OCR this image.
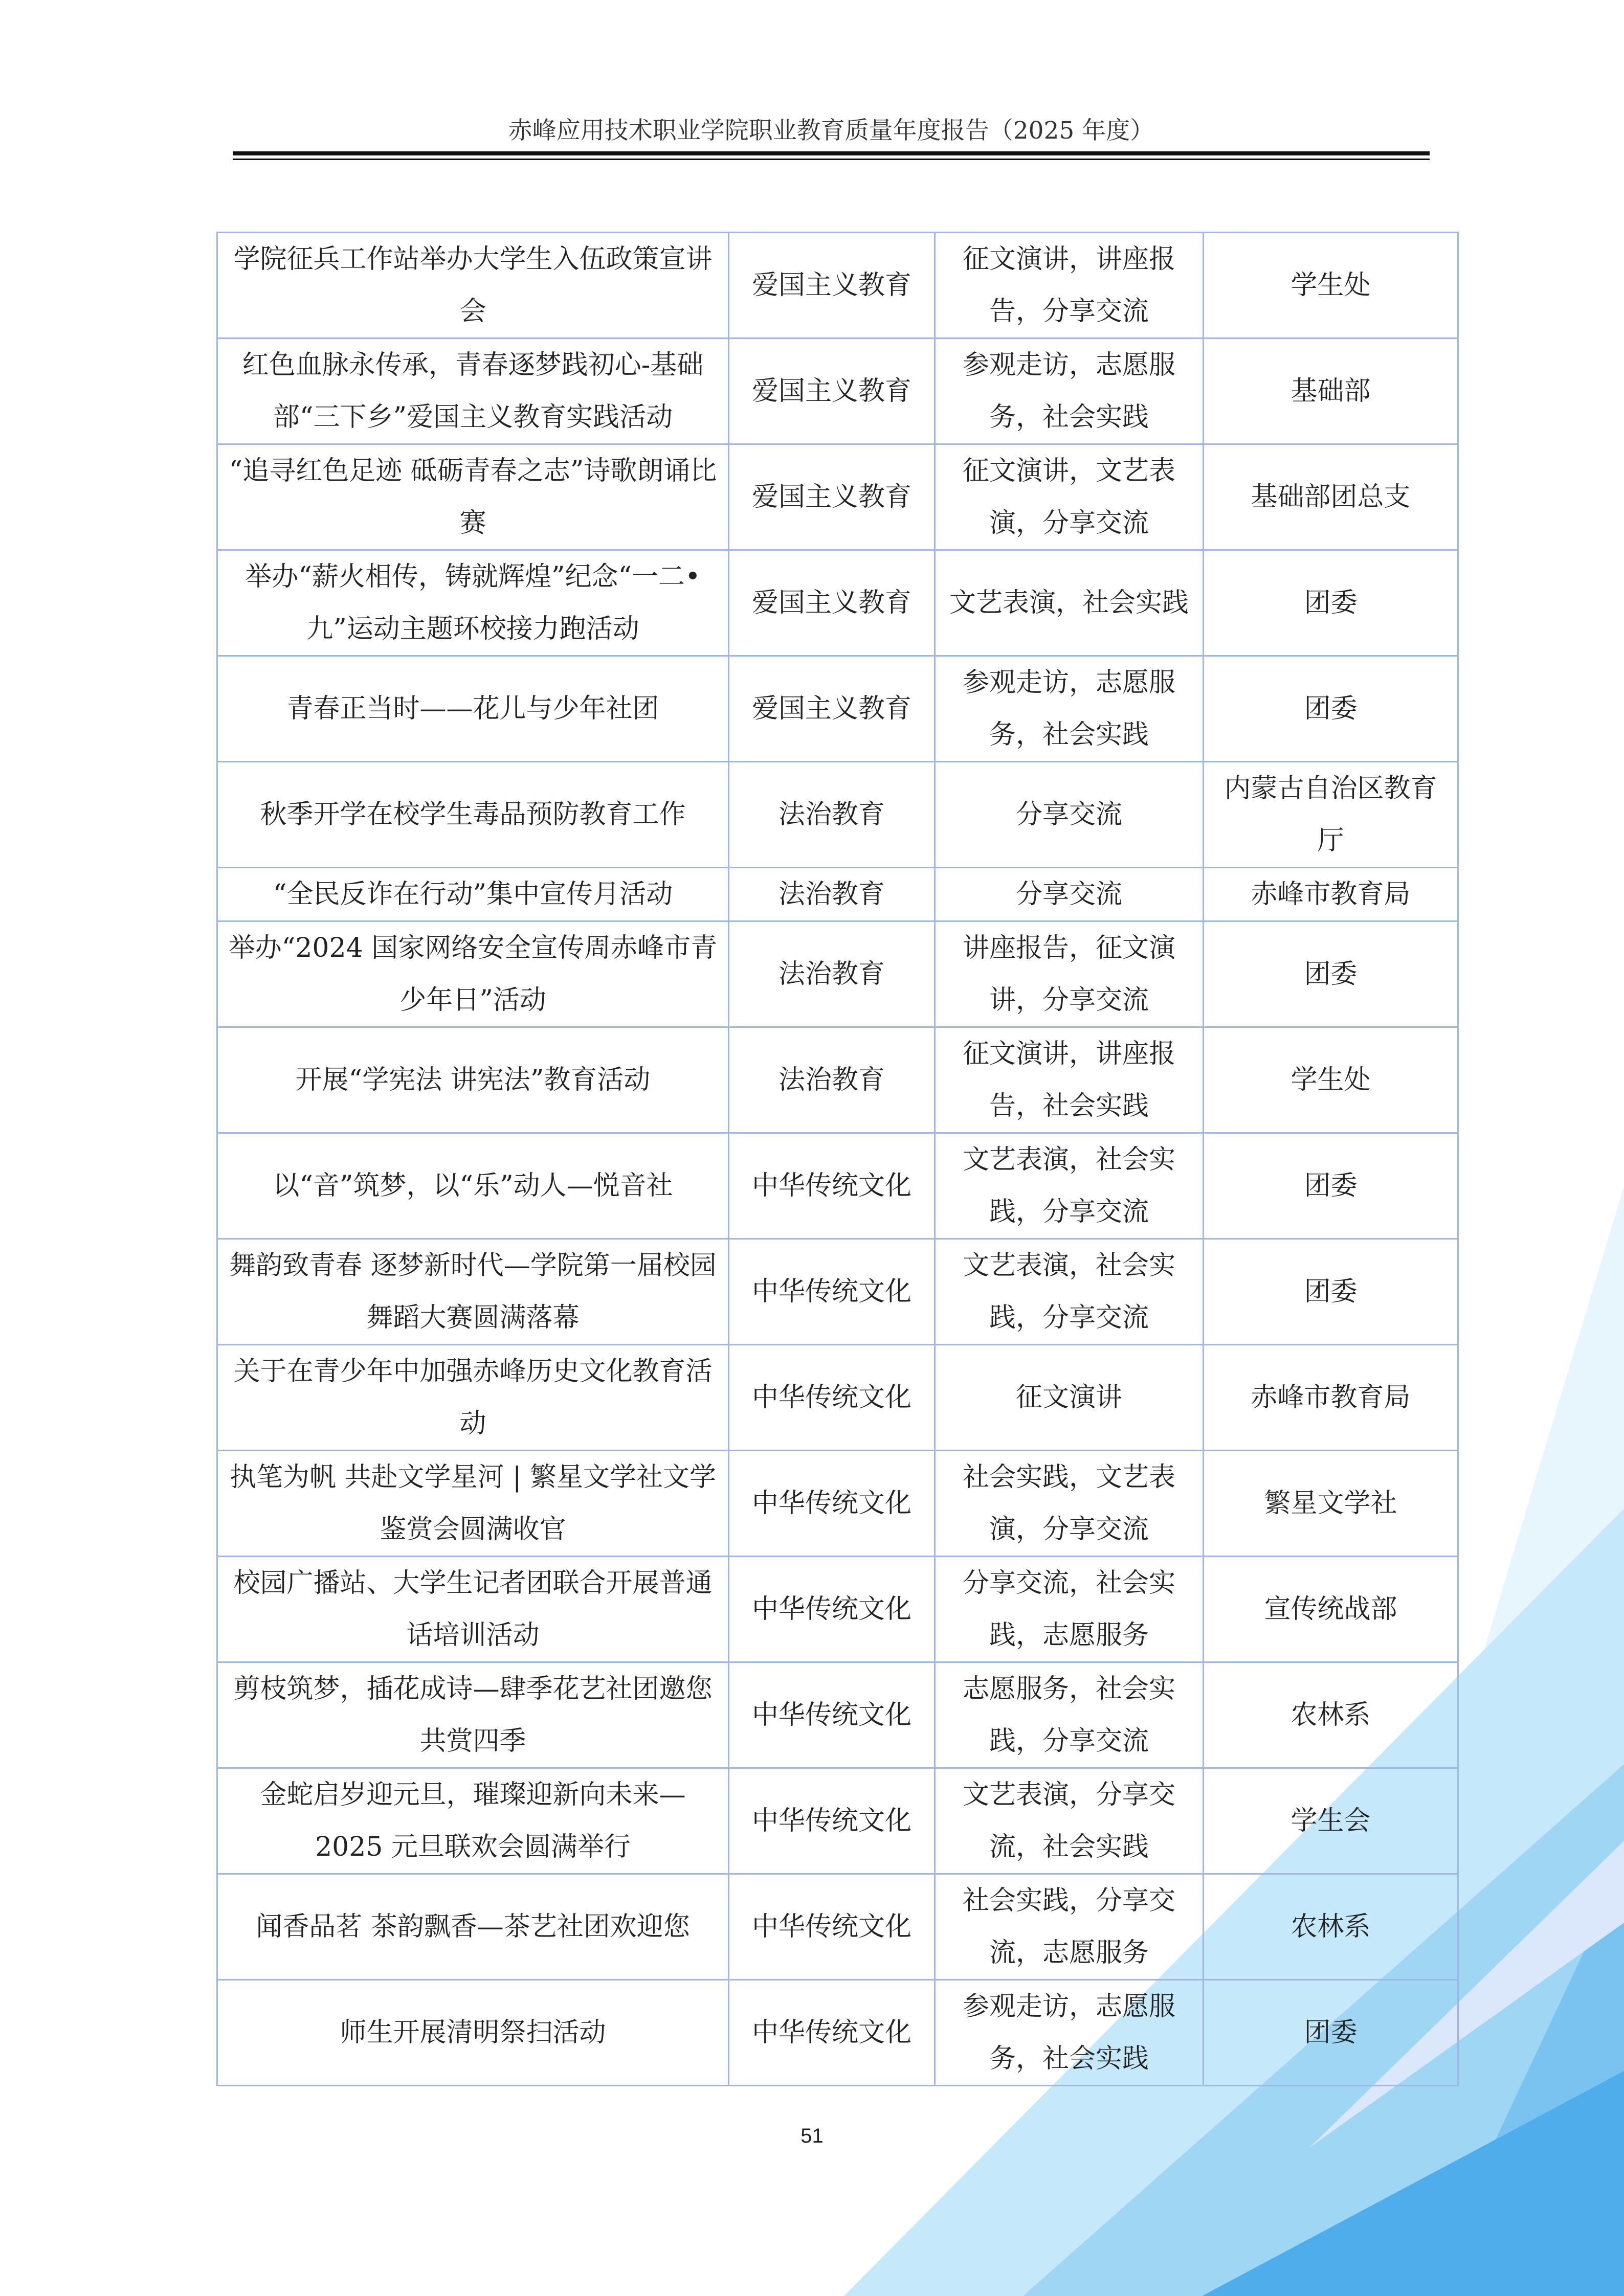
赤峰应用技术职业学院职业教育质量年度报告（2025 年度）
学院征兵工作站举办大学生入伍政策宣讲会	爱国主义教育	征文演讲，讲座报告，分享交流	学生处
红色血脉永传承，青春逐梦践初心-基础部“三下乡”爱国主义教育实践活动	爱国主义教育	参观走访，志愿服务，社会实践	基础部
“追寻红色足迹 砥砺青春之志”诗歌朗诵比赛	爱国主义教育	征文演讲，文艺表演，分享交流	基础部团总支
举办“薪火相传，铸就辉煌”纪念“一二•九”运动主题环校接力跑活动	爱国主义教育	文艺表演，社会实践	团委
青春正当时——花儿与少年社团	爱国主义教育	参观走访，志愿服务，社会实践	团委
秋季开学在校学生毒品预防教育工作	法治教育	分享交流	内蒙古自治区教育厅
“全民反诈在行动”集中宣传月活动	法治教育	分享交流	赤峰市教育局
举办“2024 国家网络安全宣传周赤峰市青少年日”活动	法治教育	讲座报告，征文演讲，分享交流	团委
开展“学宪法 讲宪法”教育活动	法治教育	征文演讲，讲座报告，社会实践	学生处
以“音”筑梦，以“乐”动人—悦音社	中华传统文化	文艺表演，社会实践，分享交流	团委
舞韵致青春 逐梦新时代—学院第一届校园舞蹈大赛圆满落幕	中华传统文化	文艺表演，社会实践，分享交流	团委
关于在青少年中加强赤峰历史文化教育活动	中华传统文化	征文演讲	赤峰市教育局
执笔为帆 共赴文学星河 | 繁星文学社文学鉴赏会圆满收官	中华传统文化	社会实践，文艺表演，分享交流	繁星文学社
校园广播站、大学生记者团联合开展普通话培训活动	中华传统文化	分享交流，社会实践，志愿服务	宣传统战部
剪枝筑梦，插花成诗—肆季花艺社团邀您共赏四季	中华传统文化	志愿服务，社会实践，分享交流	农林系
金蛇启岁迎元旦，璀璨迎新向未来—2025 元旦联欢会圆满举行	中华传统文化	文艺表演，分享交流，社会实践	学生会
闻香品茗 茶韵飘香—茶艺社团欢迎您	中华传统文化	社会实践，分享交流，志愿服务	农林系
师生开展清明祭扫活动	中华传统文化	参观走访，志愿服务，社会实践	团委
51
